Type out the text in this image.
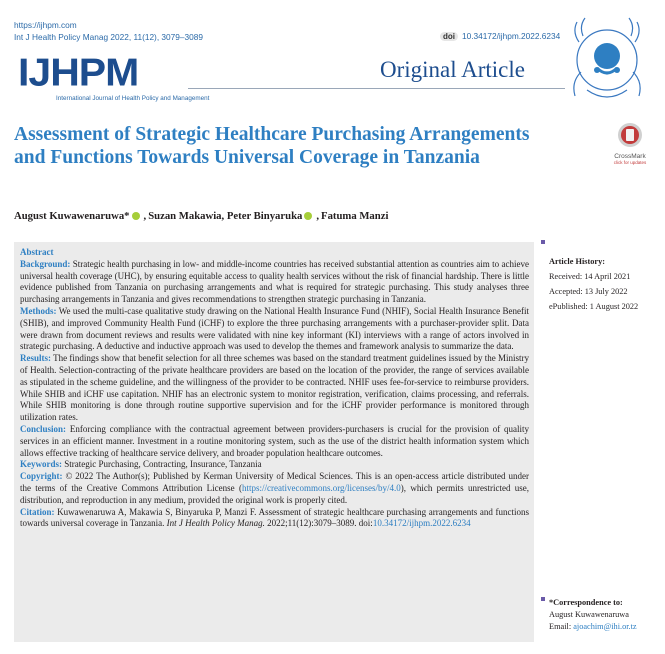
https://ijhpm.com
Int J Health Policy Manag 2022, 11(12), 3079–3089	doi 10.34172/ijhpm.2022.6234
IJHPM
International Journal of Health Policy and Management
Original Article
Assessment of Strategic Healthcare Purchasing Arrangements and Functions Towards Universal Coverage in Tanzania	CrossMark
click for updates
August Kuwawenaruwa* , Suzan Makawia, Peter Binyaruka , Fatuma Manzi

Abstract

Background: Strategic health purchasing in low- and middle-income countries has received substantial attention as countries aim to achieve universal health coverage (UHC), by ensuring equitable access to quality health services without the risk of financial hardship. There is little evidence published from Tanzania on purchasing arrangements and what is required for strategic purchasing. This study analyses three purchasing arrangements in Tanzania and gives recommendations to strengthen strategic purchasing in Tanzania.

Methods: We used the multi-case qualitative study drawing on the National Health Insurance Fund (NHIF), Social Health Insurance Benefit (SHIB), and improved Community Health Fund (iCHF) to explore the three purchasing arrangements with a purchaser-provider split. Data were drawn from document reviews and results were validated with nine key informant (KI) interviews with a range of actors involved in strategic purchasing. A deductive and inductive approach was used to develop the themes and framework analysis to summarize the data.

Results: The findings show that benefit selection for all three schemes was based on the standard treatment guidelines issued by the Ministry of Health. Selection-contracting of the private healthcare providers are based on the location of the provider, the range of services available as stipulated in the scheme guideline, and the willingness of the provider to be contracted. NHIF uses fee-for-service to reimburse providers. While SHIB and iCHF use capitation. NHIF has an electronic system to monitor registration, verification, claims processing, and referrals. While SHIB monitoring is done through routine supportive supervision and for the iCHF provider performance is monitored through utilization rates.

Conclusion: Enforcing compliance with the contractual agreement between providers-purchasers is crucial for the provision of quality services in an efficient manner. Investment in a routine monitoring system, such as the use of the district health information system which allows effective tracking of healthcare service delivery, and broader population healthcare outcomes.

Keywords: Strategic Purchasing, Contracting, Insurance, Tanzania

Copyright: © 2022 The Author(s); Published by Kerman University of Medical Sciences. This is an open-access article distributed under the terms of the Creative Commons Attribution License (https://creativecommons.org/licenses/by/4.0), which permits unrestricted use, distribution, and reproduction in any medium, provided the original work is properly cited.

Citation: Kuwawenaruwa A, Makawia S, Binyaruka P, Manzi F. Assessment of strategic healthcare purchasing arrangements and functions towards universal coverage in Tanzania. Int J Health Policy Manag. 2022;11(12):3079–3089. doi:10.34172/ijhpm.2022.6234

Article History:
Received: 14 April 2021
Accepted: 13 July 2022
ePublished: 1 August 2022
*Correspondence to:
August Kuwawenaruwa
Email: ajoachim@ihi.or.tz
